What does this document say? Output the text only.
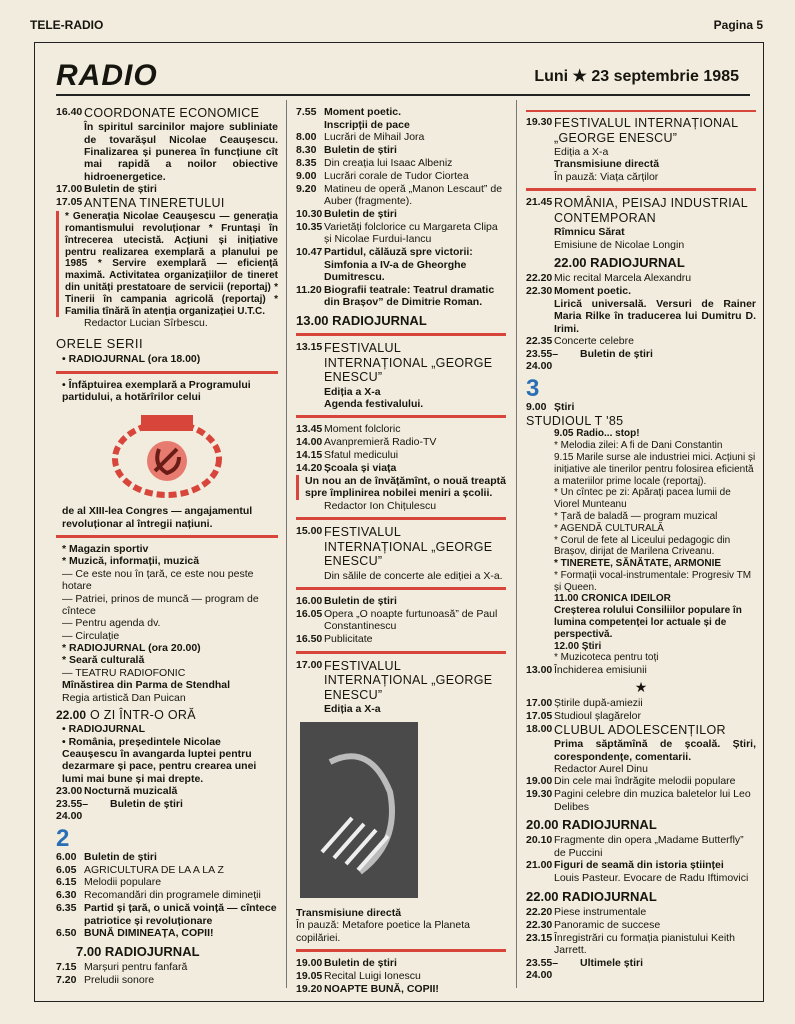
TELE-RADIO	Pagina 5
RADIO	Luni ★ 23 septembrie 1985
16.40 COORDONATE ECONOMICE
În spiritul sarcinilor majore subliniate de tovarășul Nicolae Ceaușescu. Finalizarea și punerea în funcțiune cît mai rapidă a noilor obiective hidroenergetice.
17.00 Buletin de știri
17.05 ANTENA TINERETULUI
* Generația Nicolae Ceaușescu — generația romantismului revoluționar * Fruntași în întrecerea utecistă. Acțiuni și inițiative pentru realizarea exemplară a planului pe 1985 * Servire exemplară — eficiență maximă. Activitatea organizațiilor de tineret din unități prestatoare de servicii (reportaj) * Tinerii în campania agricolă (reportaj) * Familia tînără în atenția organizației U.T.C.
Redactor Lucian Sîrbescu.
ORELE SERII
• RADIOJURNAL (ora 18.00)
• Înfăptuirea exemplară a Programului partidului, a hotărîrilor celui
de al XIII-lea Congres — angajamentul revoluționar al întregii națiuni.
* Magazin sportiv
* Muzică, informații, muzică
— Ce este nou în țară, ce este nou peste hotare
— Patriei, prinos de muncă — program de cîntece
— Pentru agenda dv.
— Circulație
* RADIOJURNAL (ora 20.00)
* Seară culturală
— TEATRU RADIOFONIC
Mînăstirea din Parma de Stendhal
Regia artistică Dan Puican
22.00 O ZI ÎNTR-O ORĂ
• RADIOJURNAL
• România, președintele Nicolae Ceaușescu în avangarda luptei pentru dezarmare și pace, pentru crearea unei lumi mai bune și mai drepte.
23.00 Nocturnă muzicală
23.55–24.00
Buletin de știri
2
6.00 Buletin de știri
6.05 AGRICULTURA DE LA A LA Z
6.15 Melodii populare
6.30 Recomandări din programele dimineții
6.35 Partid și țară, o unică voință — cîntece patriotice și revoluționare
6.50 BUNĂ DIMINEAȚA, COPII!
7.00 RADIOJURNAL
7.15 Marșuri pentru fanfară
7.20 Preludii sonore
7.55 Moment poetic.
Inscripții de pace
8.00 Lucrări de Mihail Jora
8.30 Buletin de știri
8.35 Din creația lui Isaac Albeniz
9.00 Lucrări corale de Tudor Ciortea
9.20 Matineu de operă „Manon Lescaut” de Auber (fragmente).
10.30 Buletin de știri
10.35 Varietăți folclorice cu Margareta Clipa și Nicolae Furdui-Iancu
10.47 Partidul, călăuză spre victorii: Simfonia a IV-a de Gheorghe Dumitrescu.
11.20 Biografii teatrale: Teatrul dramatic din Brașov” de Dimitrie Roman.
13.00 RADIOJURNAL
13.15 FESTIVALUL INTERNAȚIONAL „GEORGE ENESCU”
Ediția a X-a
Agenda festivalului.
13.45 Moment folcloric
14.00 Avanpremieră Radio-TV
14.15 Sfatul medicului
14.20 Școala și viața
Un nou an de învățămînt, o nouă treaptă spre împlinirea nobilei meniri a școlii.
Redactor Ion Chițulescu
15.00 FESTIVALUL INTERNAȚIONAL „GEORGE ENESCU”
Din sălile de concerte ale ediției a X-a.
16.00 Buletin de știri
16.05 Opera „O noapte furtunoasă” de Paul Constantinescu
16.50 Publicitate
17.00 FESTIVALUL INTERNAȚIONAL „GEORGE ENESCU”
Ediția a X-a
Transmisiune directă
În pauză: Metafore poetice la Planeta copilăriei.
19.00 Buletin de știri
19.05 Recital Luigi Ionescu
19.20 NOAPTE BUNĂ, COPII!
19.30 FESTIVALUL INTERNAȚIONAL „GEORGE ENESCU”
Ediția a X-a
Transmisiune directă
În pauză: Viața cărților
21.45 ROMÂNIA, PEISAJ INDUSTRIAL CONTEMPORAN
Rîmnicu Sărat
Emisiune de Nicolae Longin
22.00 RADIOJURNAL
22.20 Mic recital Marcela Alexandru
22.30 Moment poetic.
Lirică universală. Versuri de Rainer Maria Rilke în traducerea lui Dumitru D. Irimi.
22.35 Concerte celebre
23.55–24.00
Buletin de știri
3
9.00 Știri
STUDIOUL T '85
9.05 Radio... stop!
* Melodia zilei: A fi de Dani Constantin
9.15 Marile surse ale industriei mici. Acțiuni și inițiative ale tinerilor pentru folosirea eficientă a materiilor prime locale (reportaj).
* Un cîntec pe zi: Apărați pacea lumii de Viorel Munteanu
* Țară de baladă — program muzical
* AGENDĂ CULTURALĂ
* Corul de fete al Liceului pedagogic din Brașov, dirijat de Marilena Criveanu.
* TINERETE, SĂNĂTATE, ARMONIE
* Formații vocal-instrumentale: Progresiv TM și Queen.
11.00 CRONICA IDEILOR
Creșterea rolului Consiliilor populare în lumina competenței lor actuale și de perspectivă.
12.00 Știri
* Muzicoteca pentru toți
13.00 Închiderea emisiunii
★
17.00 Știrile după-amiezii
17.05 Studioul șlagărelor
18.00 CLUBUL ADOLESCENȚILOR
Prima săptămînă de școală. Știri, corespondențe, comentarii.
Redactor Aurel Dinu
19.00 Din cele mai îndrăgite melodii populare
19.30 Pagini celebre din muzica baletelor lui Leo Delibes
20.00 RADIOJURNAL
20.10 Fragmente din opera „Madame Butterfly” de Puccini
21.00 Figuri de seamă din istoria științei
Louis Pasteur. Evocare de Radu Iftimovici
22.00 RADIOJURNAL
22.20 Piese instrumentale
22.30 Panoramic de succese
23.15 Înregistrări cu formația pianistului Keith Jarrett.
23.55–24.00
Ultimele știri
